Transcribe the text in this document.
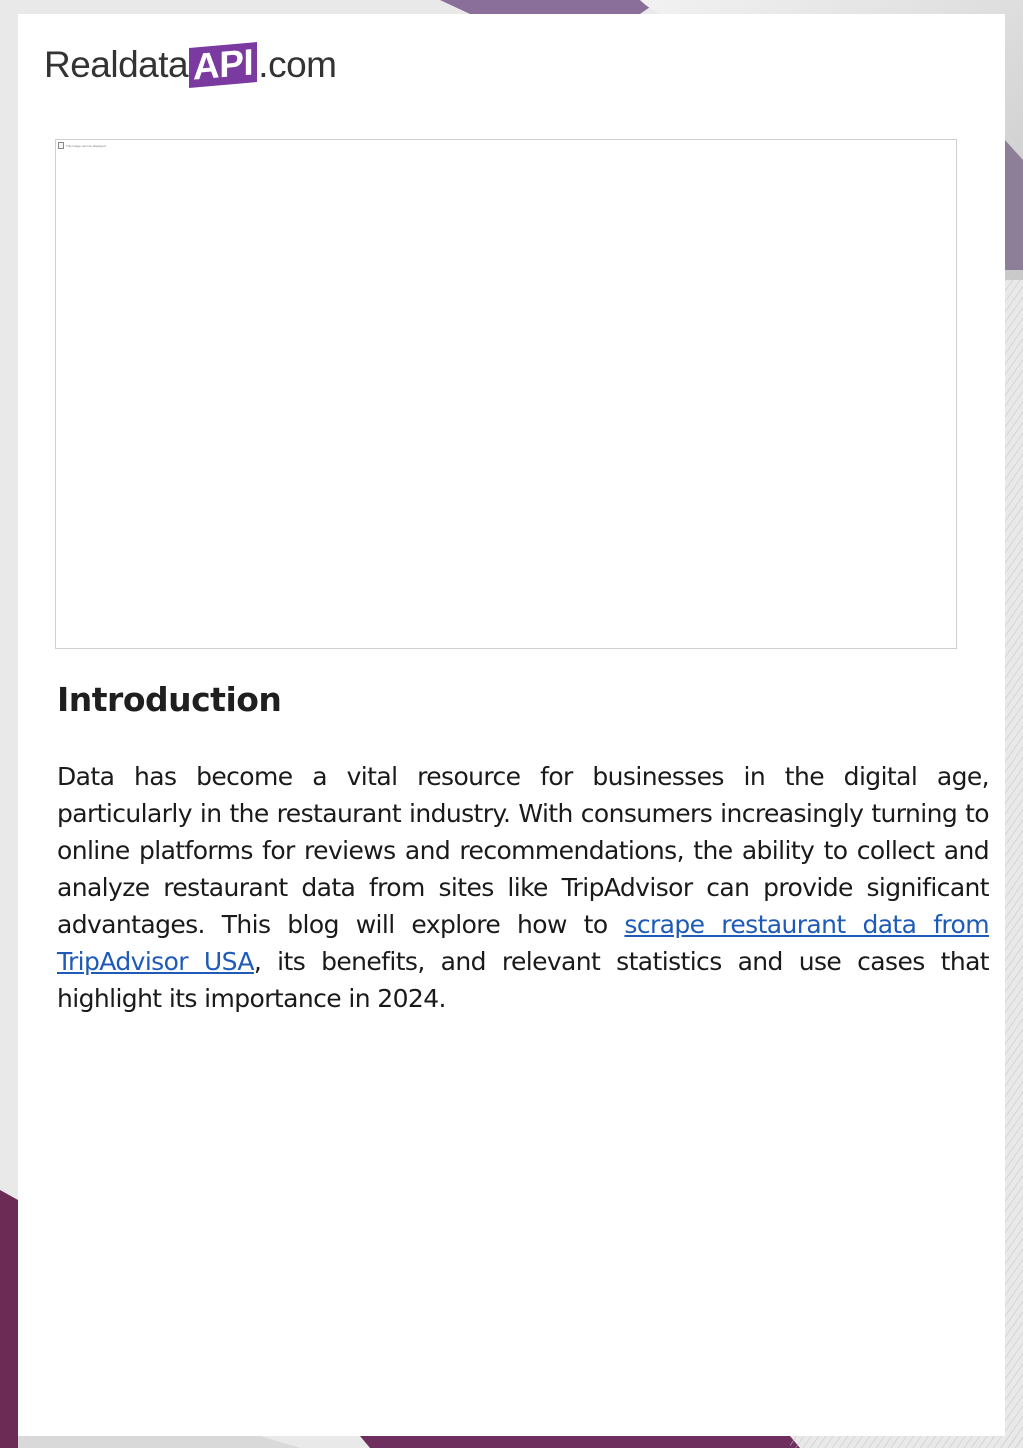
Realdata API .com
This image can't be displayed.
Introduction

Data has become a vital resource for businesses in the digital age, particularly in the restaurant industry. With consumers increasingly turning to online platforms for reviews and recommendations, the ability to collect and analyze restaurant data from sites like TripAdvisor can provide significant advantages. This blog will explore how to scrape restaurant data from TripAdvisor USA, its benefits, and relevant statistics and use cases that highlight its importance in 2024.
